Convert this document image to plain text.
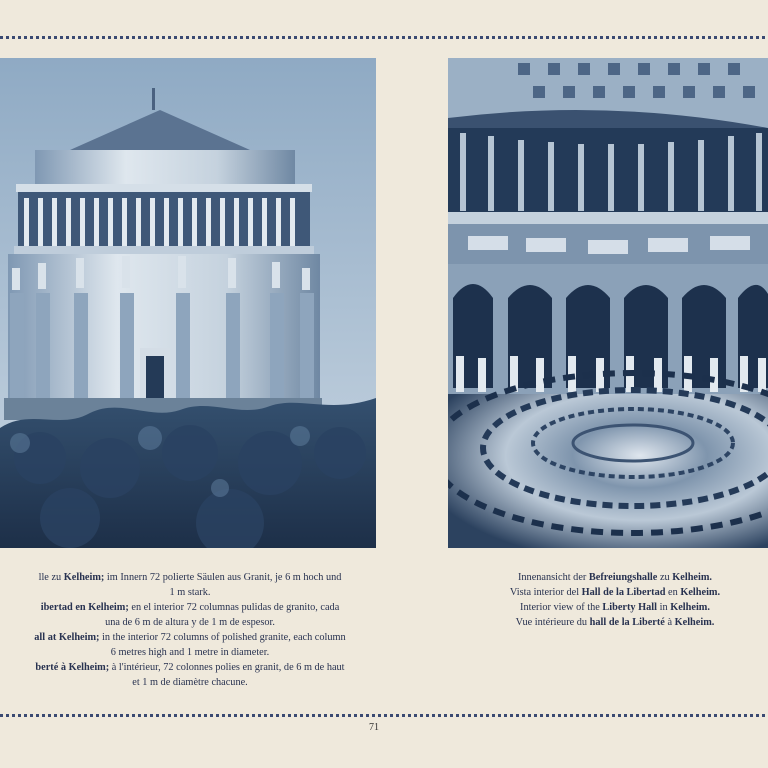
lle zu Kelheim; im Innern 72 polierte Säulen aus Granit, je 6 m hoch und
1 m stark.
ibertad en Kelheim; en el interior 72 columnas pulidas de granito, cada
una de 6 m de altura y de 1 m de espesor.
all at Kelheim; in the interior 72 columns of polished granite, each column
6 metres high and 1 metre in diameter.
berté à Kelheim; à l'intérieur, 72 colonnes polies en granit, de 6 m de haut
et 1 m de diamètre chacune.
Innenansicht der Befreiungshalle zu Kelheim.
Vista interior del Hall de la Libertad en Kelheim.
Interior view of the Liberty Hall in Kelheim.
Vue intérieure du hall de la Liberté à Kelheim.
71
